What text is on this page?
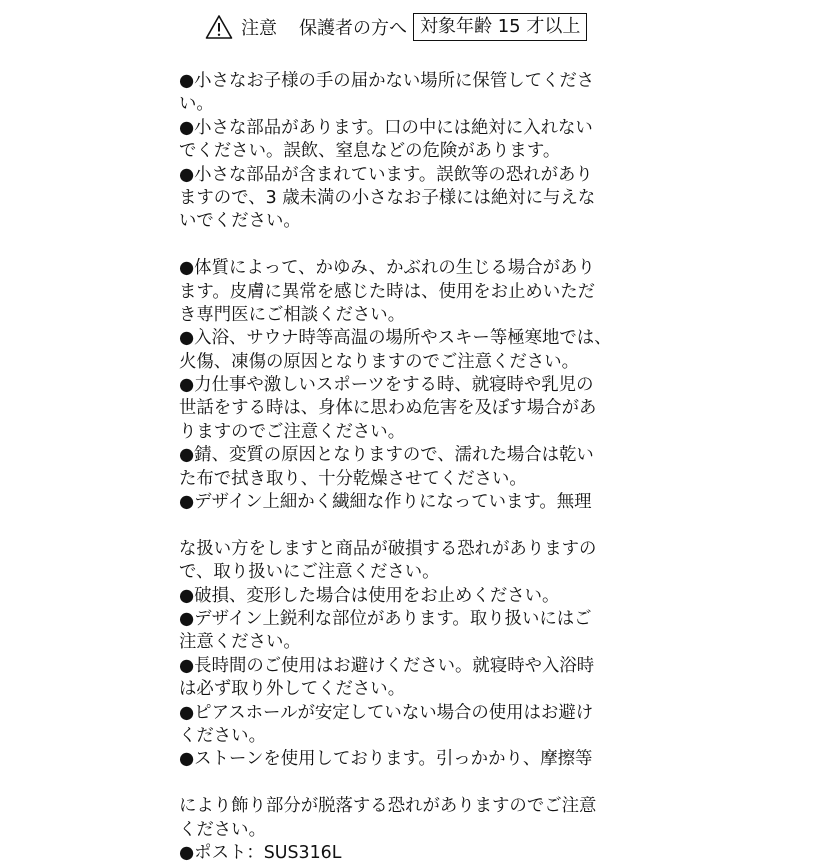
注意 保護者の方へ 対象年齢 15 才以上
●小さなお子様の手の届かない場所に保管してくださ
い。
●小さな部品があります。口の中には絶対に入れない
でください。誤飲、窒息などの危険があります。
●小さな部品が含まれています。誤飲等の恐れがあり
ますので、3 歳未満の小さなお子様には絶対に与えな
いでください。
●体質によって、かゆみ、かぶれの生じる場合があり
ます。皮膚に異常を感じた時は、使用をお止めいただ
き専門医にご相談ください。
●入浴、サウナ時等高温の場所やスキー等極寒地では、
火傷、凍傷の原因となりますのでご注意ください。
●力仕事や激しいスポーツをする時、就寝時や乳児の
世話をする時は、身体に思わぬ危害を及ぼす場合があ
りますのでご注意ください。
●錆、変質の原因となりますので、濡れた場合は乾い
た布で拭き取り、十分乾燥させてください。
●デザイン上細かく繊細な作りになっています。無理
な扱い方をしますと商品が破損する恐れがありますの
で、取り扱いにご注意ください。
●破損、変形した場合は使用をお止めください。
●デザイン上鋭利な部位があります。取り扱いにはご
注意ください。
●長時間のご使用はお避けください。就寝時や入浴時
は必ず取り外してください。
●ピアスホールが安定していない場合の使用はお避け
ください。
●ストーンを使用しております。引っかかり、摩擦等
により飾り部分が脱落する恐れがありますのでご注意
ください。
●ポスト：SUS316L
